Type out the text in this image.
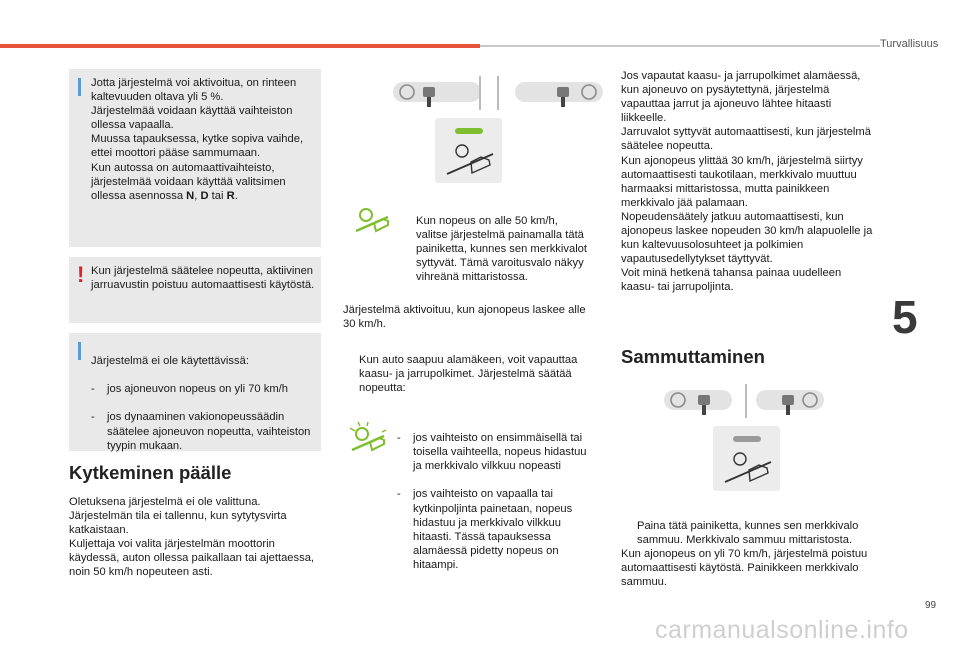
Turvallisuus
5
99
Jotta järjestelmä voi aktivoitua, on rinteen kaltevuuden oltava yli 5 %.
Järjestelmää voidaan käyttää vaihteiston ollessa vapaalla.
Muussa tapauksessa, kytke sopiva vaihde, ettei moottori pääse sammumaan.
Kun autossa on automaattivaihteisto, järjestelmää voidaan käyttää valitsimen ollessa asennossa N, D tai R.
! Kun järjestelmä säätelee nopeutta, aktiivinen jarruavustin poistuu automaattisesti käytöstä.

Järjestelmä ei ole käytettävissä:

- jos ajoneuvon nopeus on yli 70 km/h

- jos dynaaminen vakionopeussäädin säätelee ajoneuvon nopeutta, vaihteiston tyypin mukaan.

Kytkeminen päälle
Oletuksena järjestelmä ei ole valittuna.
Järjestelmän tila ei tallennu, kun sytytysvirta katkaistaan.
Kuljettaja voi valita järjestelmän moottorin käydessä, auton ollessa paikallaan tai ajettaessa, noin 50 km/h nopeuteen asti.

Kun nopeus on alle 50 km/h, valitse järjestelmä painamalla tätä painiketta, kunnes sen merkkivalot syttyvät. Tämä varoitusvalo näkyy vihreänä mittaristossa.

Järjestelmä aktivoituu, kun ajonopeus laskee alle 30 km/h.

Kun auto saapuu alamäkeen, voit vapauttaa kaasu- ja jarrupolkimet. Järjestelmä säätää nopeutta:

- jos vaihteisto on ensimmäisellä tai toisella vaihteella, nopeus hidastuu ja merkkivalo vilkkuu nopeasti

- jos vaihteisto on vapaalla tai kytkinpoljinta painetaan, nopeus hidastuu ja merkkivalo vilkkuu hitaasti. Tässä tapauksessa alamäessä pidetty nopeus on hitaampi.

Jos vapautat kaasu- ja jarrupolkimet alamäessä, kun ajoneuvo on pysäytettynä, järjestelmä vapauttaa jarrut ja ajoneuvo lähtee hitaasti liikkeelle.
Jarruvalot syttyvät automaattisesti, kun järjestelmä säätelee nopeutta.
Kun ajonopeus ylittää 30 km/h, järjestelmä siirtyy automaattisesti taukotilaan, merkkivalo muuttuu harmaaksi mittaristossa, mutta painikkeen merkkivalo jää palamaan.
Nopeudensäätely jatkuu automaattisesti, kun ajonopeus laskee nopeuden 30 km/h alapuolelle ja kun kaltevuusolosuhteet ja polkimien vapautusedellytykset täyttyvät.
Voit minä hetkenä tahansa painaa uudelleen kaasu- tai jarrupoljinta.
Sammuttaminen

Paina tätä painiketta, kunnes sen merkkivalo sammuu. Merkkivalo sammuu mittaristosta.

Kun ajonopeus on yli 70 km/h, järjestelmä poistuu automaattisesti käytöstä. Painikkeen merkkivalo sammuu.
carmanualsonline.info
